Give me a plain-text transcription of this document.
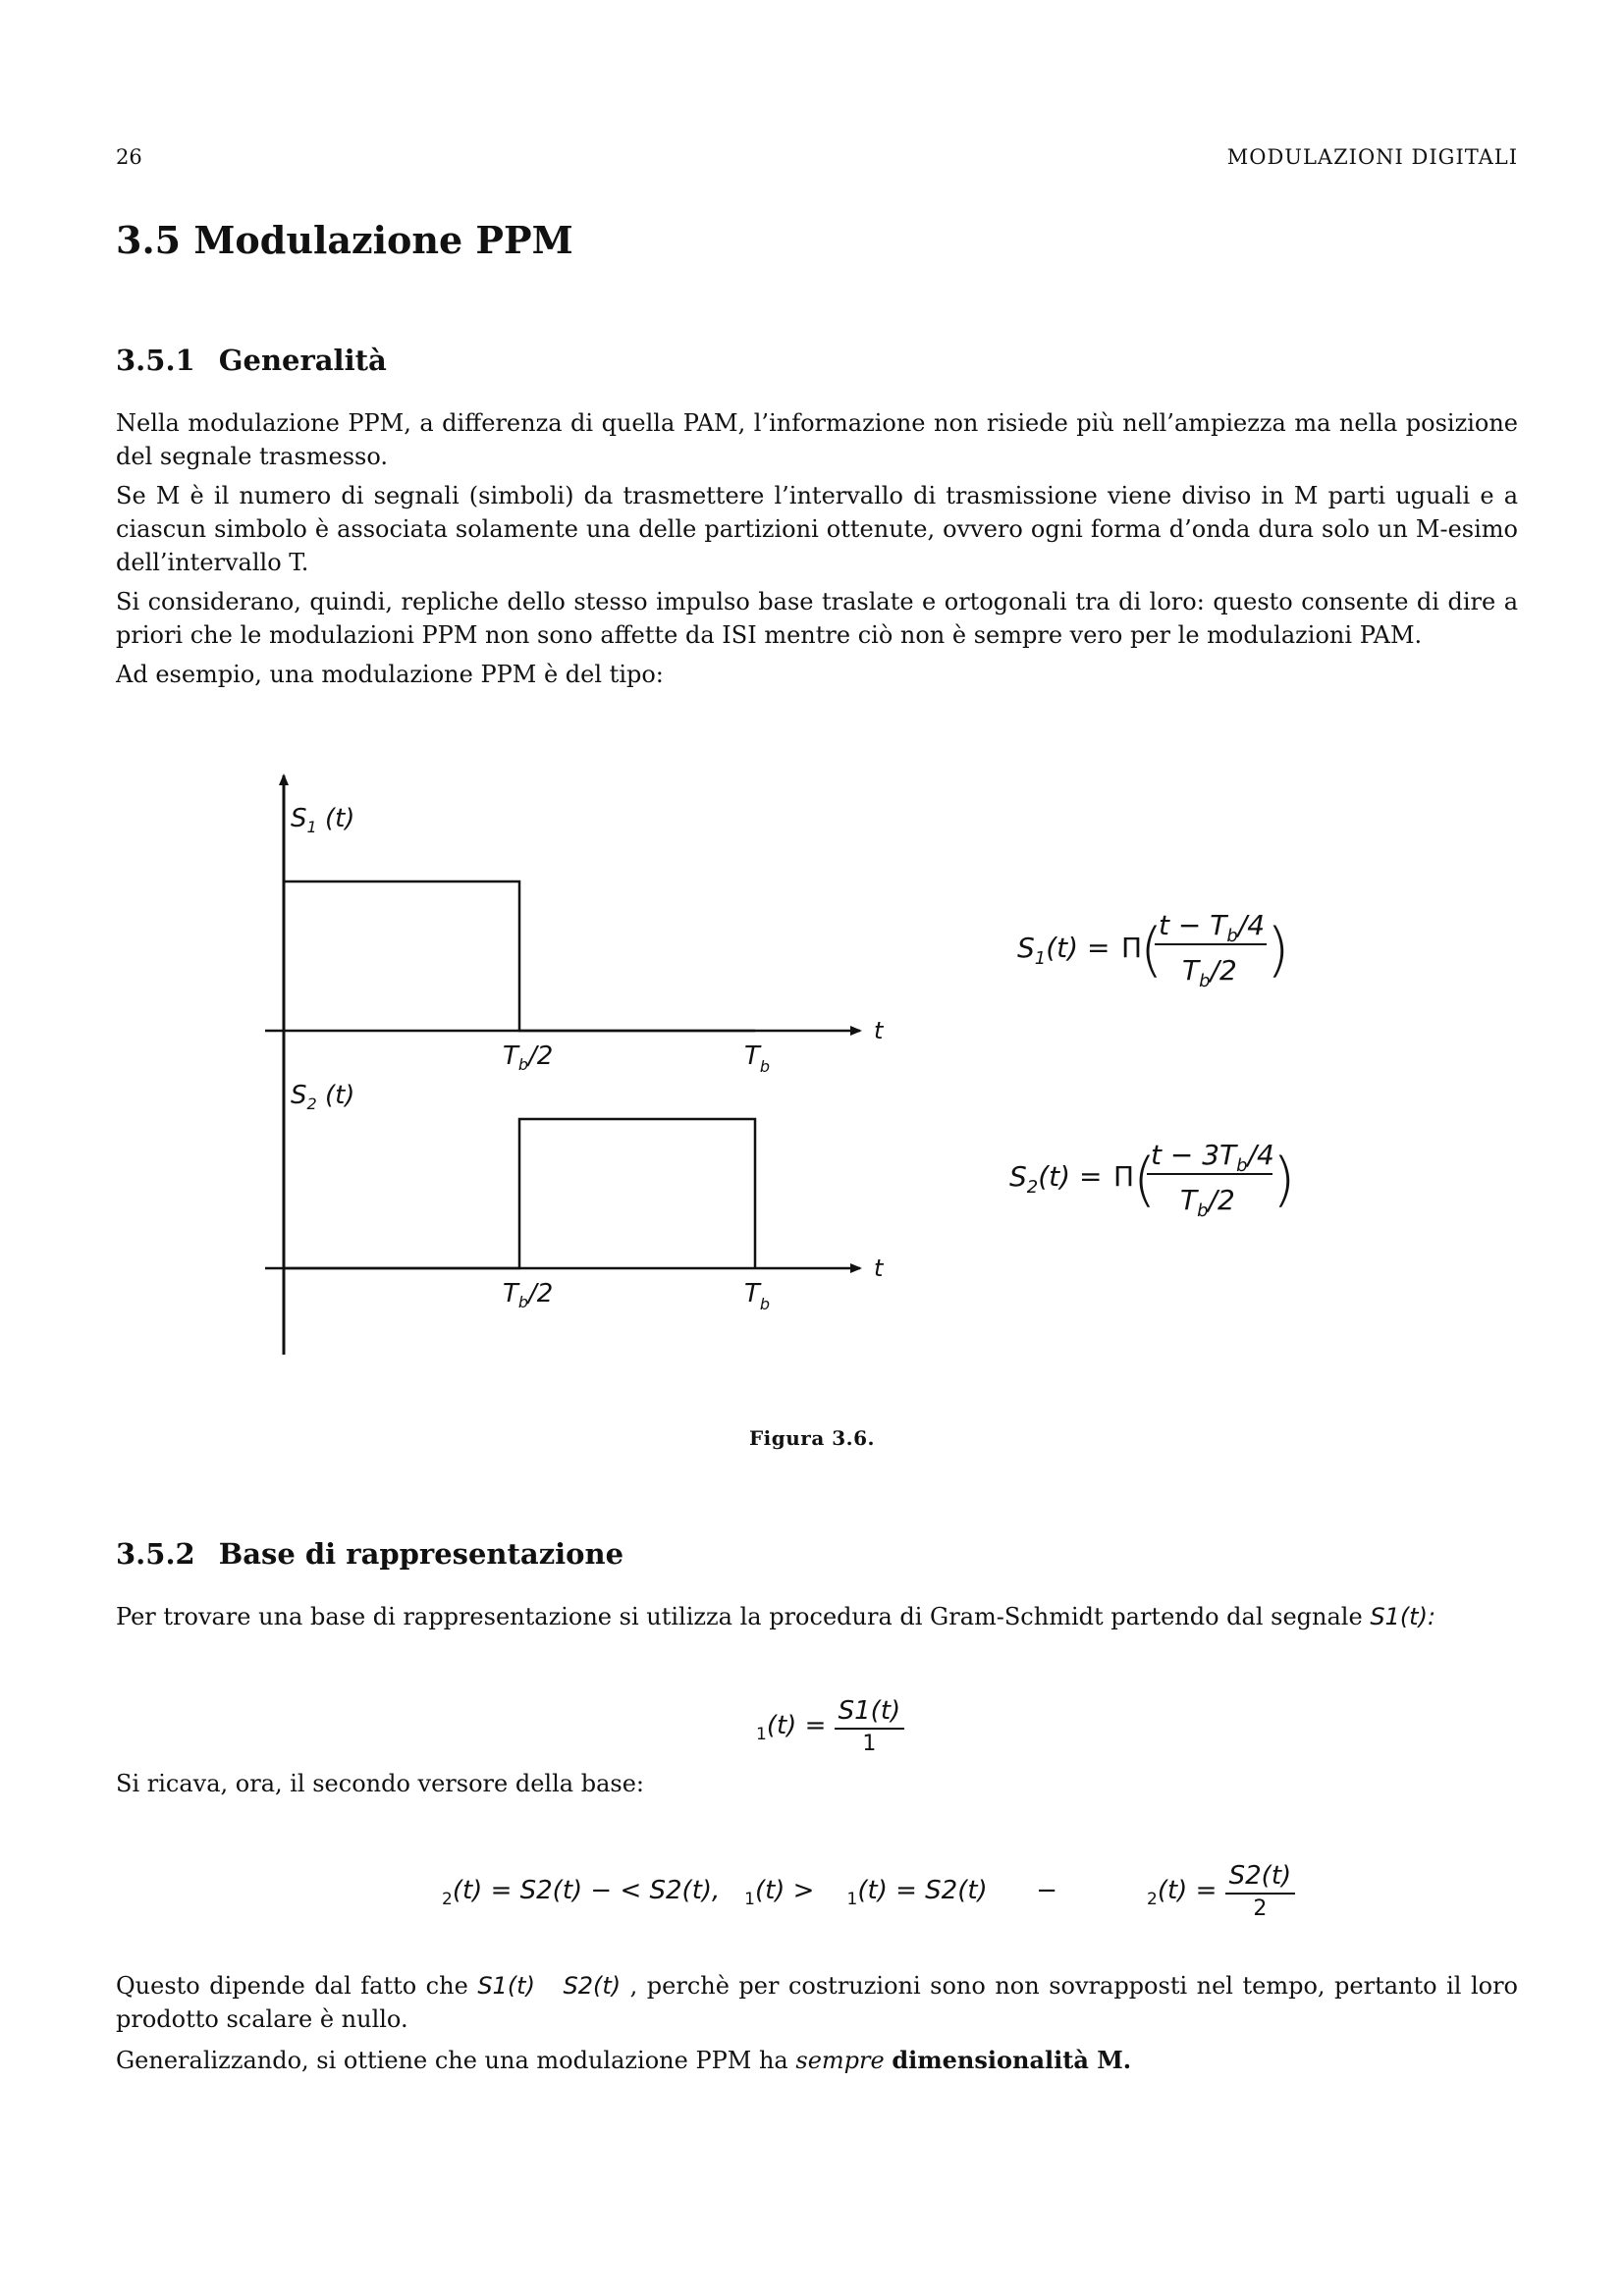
26	MODULAZIONI DIGITALI
3.5 Modulazione PPM
3.5.1 Generalità

Nella modulazione PPM, a differenza di quella PAM, l’informazione non risiede più nell’ampiezza ma nella posizione del segnale trasmesso.

Se M è il numero di segnali (simboli) da trasmettere l’intervallo di trasmissione viene diviso in M parti uguali e a ciascun simbolo è associata solamente una delle partizioni ottenute, ovvero ogni forma d’onda dura solo un M-esimo dell’intervallo T.

Si considerano, quindi, repliche dello stesso impulso base traslate e ortogonali tra di loro: questo consente di dire a priori che le modulazioni PPM non sono affette da ISI mentre ciò non è sempre vero per le modulazioni PAM.

Ad esempio, una modulazione PPM è del tipo:

$S_1$ (t)
t
$T_b/2$	$T_b$
$S_2$ (t)
t
$T_b/2$	$T_b$
$S_1(t) = \Pi$
(
$t - T_b/4$
$T_b/2$ )
$S_2(t) = \Pi$
(
$t - 3T_b/4$
$T_b/2$ )
Figura 3.6.
3.5.2 Base di rappresentazione

Per trovare una base di rappresentazione si utilizza la procedura di Gram-Schmidt partendo dal segnale S1(t):

$_1(t) = \frac{S1(t)}{1}$

Si ricava, ora, il secondo versore della base:

$_2$(t) = S2(t) − < S2(t), $_1$(t) > $_1$(t) = S2(t) −	$_2(t) = \frac{S2(t)}{2}$

Questo dipende dal fatto che S1(t) S2(t) , perchè per costruzioni sono non sovrapposti nel tempo, pertanto il loro prodotto scalare è nullo.

Generalizzando, si ottiene che una modulazione PPM ha sempre dimensionalità M.
